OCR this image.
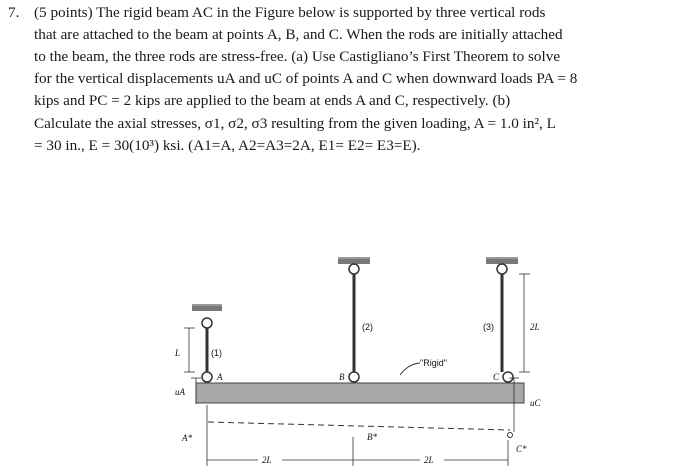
7. (5 points) The rigid beam AC in the Figure below is supported by three vertical rods
that are attached to the beam at points A, B, and C. When the rods are initially attached
to the beam, the three rods are stress-free. (a) Use Castigliano’s First Theorem to solve
for the vertical displacements uA and uC of points A and C when downward loads PA = 8
kips and PC = 2 kips are applied to the beam at ends A and C, respectively. (b)
Calculate the axial stresses, σ1, σ2, σ3 resulting from the given loading, A = 1.0 in², L
= 30 in., E = 30(10³) ksi. (A1=A, A2=A3=2A, E1= E2= E3=E).
(1)
(2)	(3)
L
2L
A	B	C
"Rigid"
uA
uC
A*	B*
C*
2L	2L
